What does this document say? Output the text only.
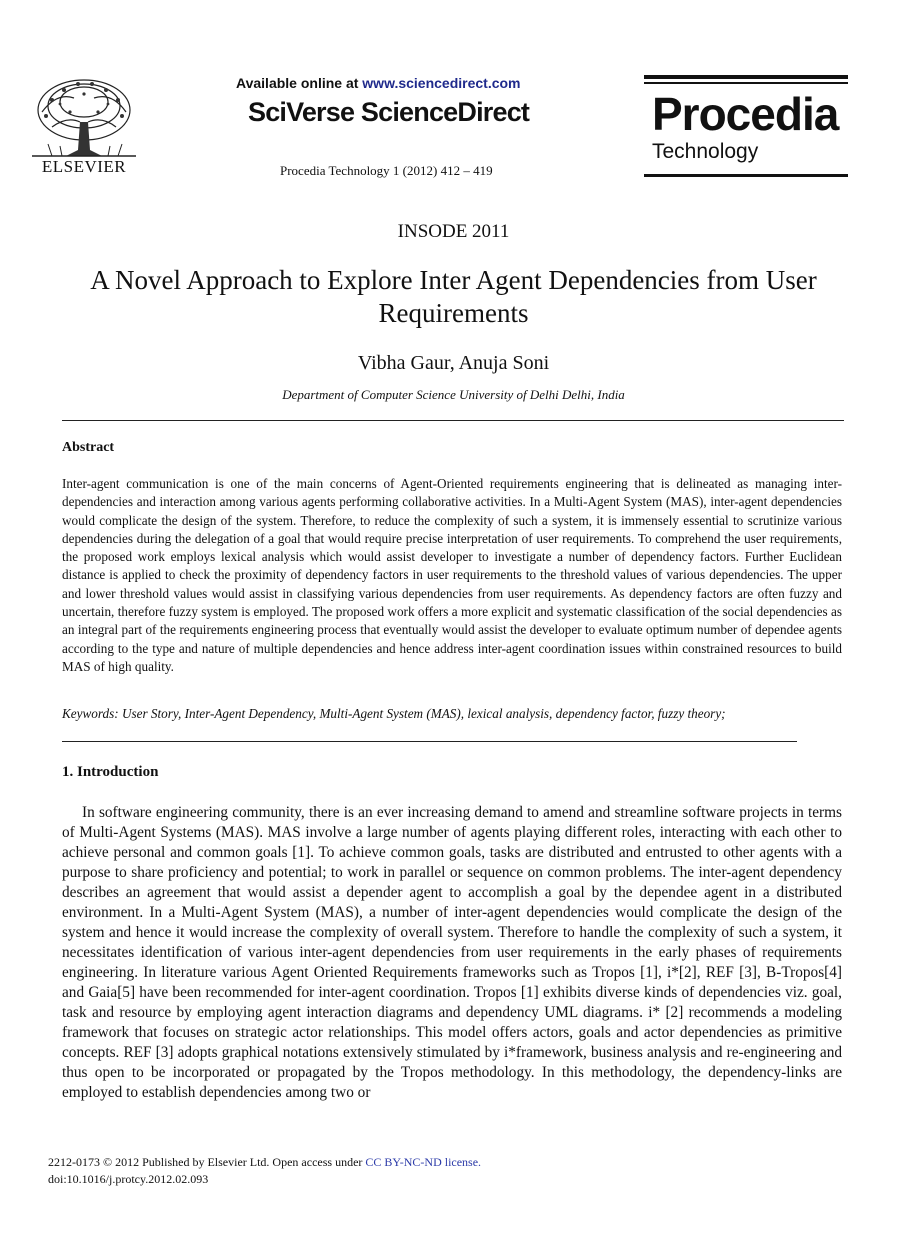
ELSEVIER
Available online at www.sciencedirect.com
SciVerse ScienceDirect
Procedia Technology 1 (2012) 412 – 419
Procedia
Technology
INSODE 2011
A Novel Approach to Explore Inter Agent Dependencies from User Requirements
Vibha Gaur, Anuja Soni
Department of Computer Science University of Delhi Delhi, India
Abstract
Inter-agent communication is one of the main concerns of Agent-Oriented requirements engineering that is delineated as managing inter-dependencies and interaction among various agents performing collaborative activities. In a Multi-Agent System (MAS), inter-agent dependencies would complicate the design of the system. Therefore, to reduce the complexity of such a system, it is immensely essential to scrutinize various dependencies during the delegation of a goal that would require precise interpretation of user requirements. To comprehend the user requirements, the proposed work employs lexical analysis which would assist developer to investigate a number of dependency factors. Further Euclidean distance is applied to check the proximity of dependency factors in user requirements to the threshold values of various dependencies. The upper and lower threshold values would assist in classifying various dependencies from user requirements. As dependency factors are often fuzzy and uncertain, therefore fuzzy system is employed. The proposed work offers a more explicit and systematic classification of the social dependencies as an integral part of the requirements engineering process that eventually would assist the developer to evaluate optimum number of dependee agents according to the type and nature of multiple dependencies and hence address inter-agent coordination issues within constrained resources to build MAS of high quality.
Keywords: User Story, Inter-Agent Dependency, Multi-Agent System (MAS), lexical analysis, dependency factor, fuzzy theory;
1. Introduction

In software engineering community, there is an ever increasing demand to amend and streamline software projects in terms of Multi-Agent Systems (MAS). MAS involve a large number of agents playing different roles, interacting with each other to achieve personal and common goals [1]. To achieve common goals, tasks are distributed and entrusted to other agents with a purpose to share proficiency and potential; to work in parallel or sequence on common problems. The inter-agent dependency describes an agreement that would assist a depender agent to accomplish a goal by the dependee agent in a distributed environment. In a Multi-Agent System (MAS), a number of inter-agent dependencies would complicate the design of the system and hence it would increase the complexity of overall system. Therefore to handle the complexity of such a system, it necessitates identification of various inter-agent dependencies from user requirements in the early phases of requirements engineering. In literature various Agent Oriented Requirements frameworks such as Tropos [1], i*[2], REF [3], B-Tropos[4] and Gaia[5] have been recommended for inter-agent coordination. Tropos [1] exhibits diverse kinds of dependencies viz. goal, task and resource by employing agent interaction diagrams and dependency UML diagrams. i* [2] recommends a modeling framework that focuses on strategic actor relationships. This model offers actors, goals and actor dependencies as primitive concepts. REF [3] adopts graphical notations extensively stimulated by i*framework, business analysis and re-engineering and thus open to be incorporated or propagated by the Tropos methodology. In this methodology, the dependency-links are employed to establish dependencies among two or

2212-0173 © 2012 Published by Elsevier Ltd. Open access under CC BY-NC-ND license.
doi:10.1016/j.protcy.2012.02.093
